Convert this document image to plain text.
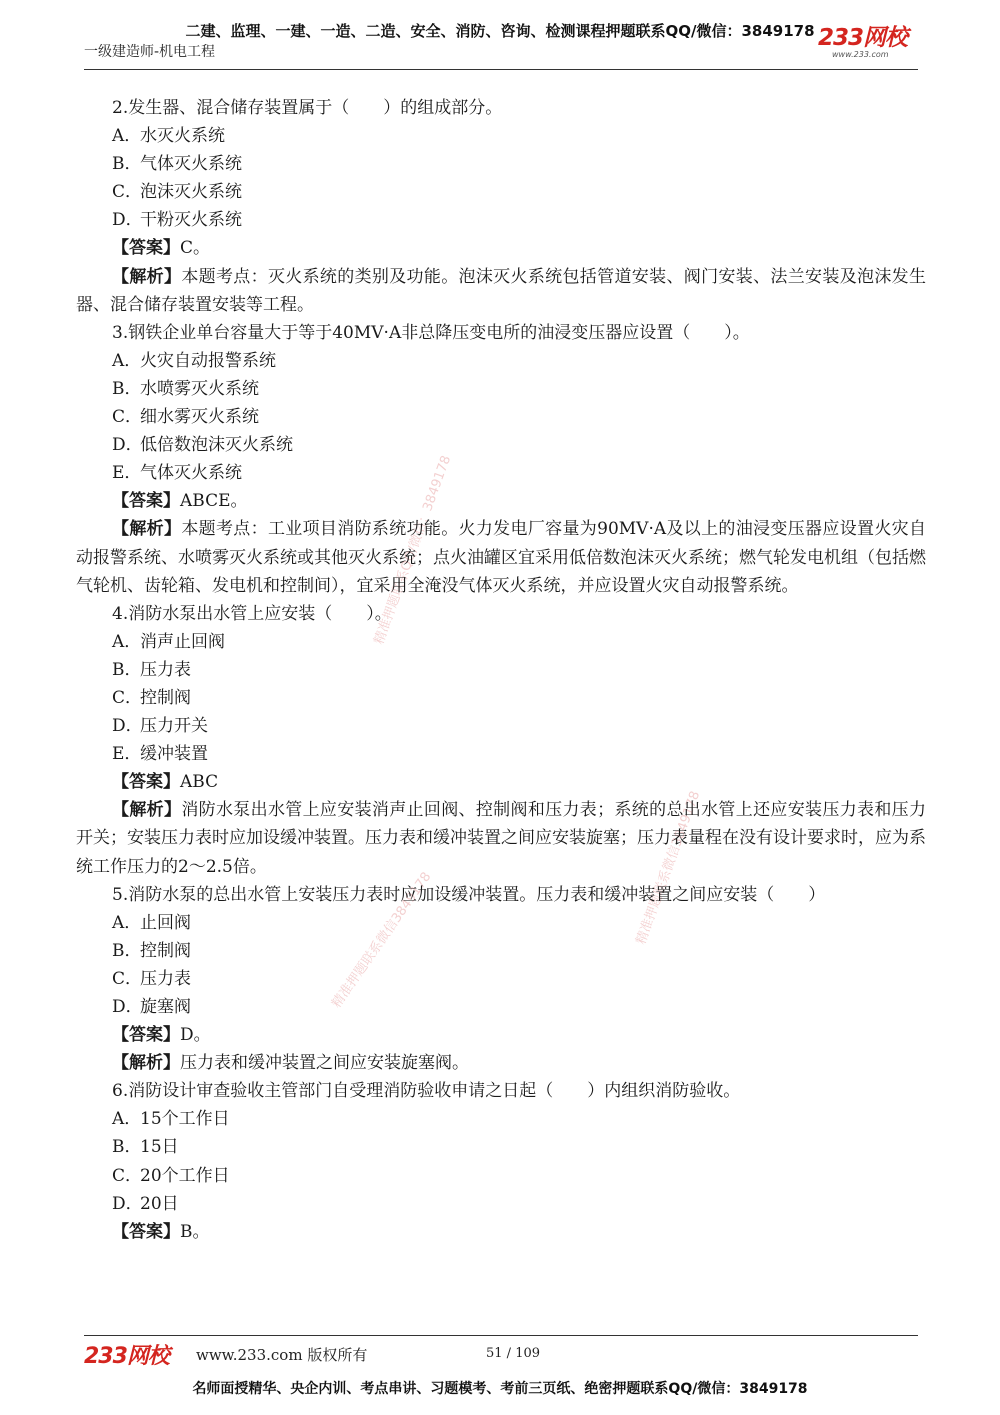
二建、监理、一建、一造、二造、安全、消防、咨询、检测课程押题联系QQ/微信：3849178
一级建造师-机电工程
233网校
www.233.com
精准押题联系QQ/微信：3849178
精准押题联系微信3849178	精准押题联系微信3849178

2.发生器、混合储存装置属于（　　）的组成部分。

A．水灭火系统

B．气体灭火系统

C．泡沫灭火系统

D．干粉灭火系统

【答案】C。

【解析】本题考点：灭火系统的类别及功能。泡沫灭火系统包括管道安装、阀门安装、法兰安装及泡沫发生器、混合储存装置安装等工程。

3.钢铁企业单台容量大于等于40MV·A非总降压变电所的油浸变压器应设置（　　）。

A．火灾自动报警系统

B．水喷雾灭火系统

C．细水雾灭火系统

D．低倍数泡沫灭火系统

E．气体灭火系统

【答案】ABCE。

【解析】本题考点：工业项目消防系统功能。火力发电厂容量为90MV·A及以上的油浸变压器应设置火灾自动报警系统、水喷雾灭火系统或其他灭火系统；点火油罐区宜采用低倍数泡沫灭火系统；燃气轮发电机组（包括燃气轮机、齿轮箱、发电机和控制间），宜采用全淹没气体灭火系统，并应设置火灾自动报警系统。

4.消防水泵出水管上应安装（　　）。

A．消声止回阀

B．压力表

C．控制阀

D．压力开关

E．缓冲装置

【答案】ABC

【解析】消防水泵出水管上应安装消声止回阀、控制阀和压力表；系统的总出水管上还应安装压力表和压力开关；安装压力表时应加设缓冲装置。压力表和缓冲装置之间应安装旋塞；压力表量程在没有设计要求时，应为系统工作压力的2～2.5倍。

5.消防水泵的总出水管上安装压力表时应加设缓冲装置。压力表和缓冲装置之间应安装（　　）

A．止回阀

B．控制阀

C．压力表

D．旋塞阀

【答案】D。

【解析】压力表和缓冲装置之间应安装旋塞阀。

6.消防设计审查验收主管部门自受理消防验收申请之日起（　　）内组织消防验收。

A．15个工作日

B．15日

C．20个工作日

D．20日

【答案】B。

233网校 www.233.com 版权所有	51 / 109
名师面授精华、央企内训、考点串讲、习题模考、考前三页纸、绝密押题联系QQ/微信：3849178
